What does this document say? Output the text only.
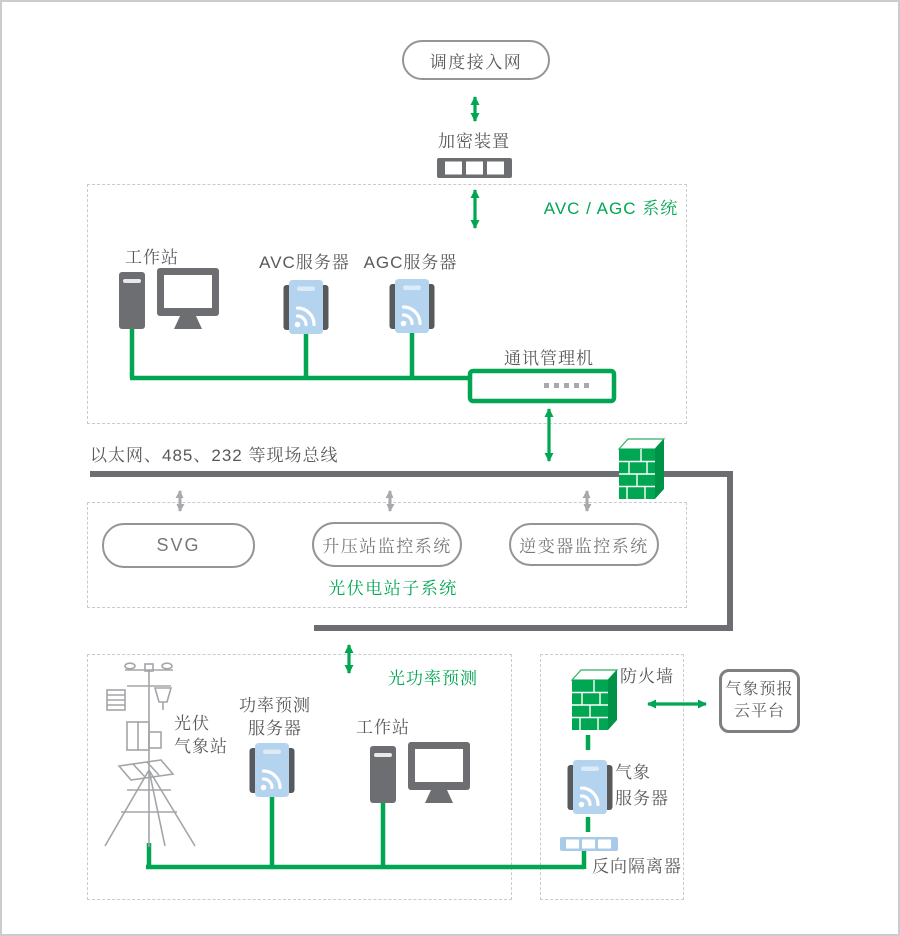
调度接入网
SVG	升压站监控系统	逆变器监控系统
气象预报
云平台
加密装置
AVC / AGC 系统
工作站	AVC服务器 AGC服务器
通讯管理机
以太网、485、232 等现场总线
光伏电站子系统
光功率预测
光伏
气象站
功率预测
服务器	工作站
防火墙
气象
服务器
反向隔离器
